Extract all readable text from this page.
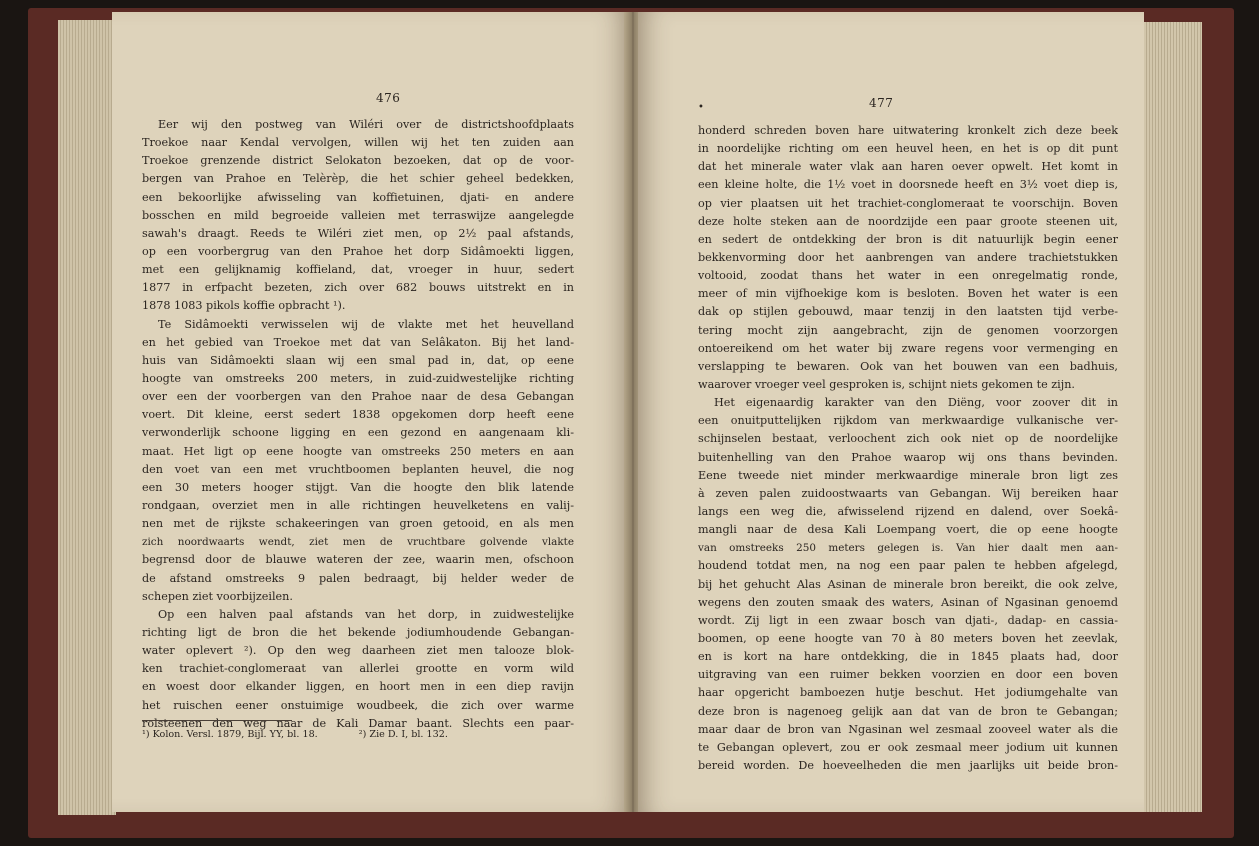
476
Eer wij den postweg van Wiléri over de districtshoofdplaats
Troekoe naar Kendal vervolgen, willen wij het ten zuiden aan
Troekoe grenzende district Selokaton bezoeken, dat op de voor-
bergen van Prahoe en Telèrèp, die het schier geheel bedekken,
een bekoorlijke afwisseling van koffietuinen, djati- en andere
bosschen en mild begroeide valleien met terraswijze aangelegde
sawah's draagt. Reeds te Wiléri ziet men, op 2½ paal afstands,
op een voorbergrug van den Prahoe het dorp Sidâmoekti liggen,
met een gelijknamig koffieland, dat, vroeger in huur, sedert
1877 in erfpacht bezeten, zich over 682 bouws uitstrekt en in
1878 1083 pikols koffie opbracht ¹).
Te Sidâmoekti verwisselen wij de vlakte met het heuvelland
en het gebied van Troekoe met dat van Selâkaton. Bij het land-
huis van Sidâmoekti slaan wij een smal pad in, dat, op eene
hoogte van omstreeks 200 meters, in zuid-zuidwestelijke richting
over een der voorbergen van den Prahoe naar de desa Gebangan
voert. Dit kleine, eerst sedert 1838 opgekomen dorp heeft eene
verwonderlijk schoone ligging en een gezond en aangenaam kli-
maat. Het ligt op eene hoogte van omstreeks 250 meters en aan
den voet van een met vruchtboomen beplanten heuvel, die nog
een 30 meters hooger stijgt. Van die hoogte den blik latende
rondgaan, overziet men in alle richtingen heuvelketens en valij-
nen met de rijkste schakeeringen van groen getooid, en als men
zich noordwaarts wendt, ziet men de vruchtbare golvende vlakte
begrensd door de blauwe wateren der zee, waarin men, ofschoon
de afstand omstreeks 9 palen bedraagt, bij helder weder de
schepen ziet voorbijzeilen.
Op een halven paal afstands van het dorp, in zuidwestelijke
richting ligt de bron die het bekende jodiumhoudende Gebangan-
water oplevert ²). Op den weg daarheen ziet men talooze blok-
ken trachiet-conglomeraat van allerlei grootte en vorm wild
en woest door elkander liggen, en hoort men in een diep ravijn
het ruischen eener onstuimige woudbeek, die zich over warme
rolsteenen den weg naar de Kali Damar baant. Slechts een paar-
¹) Kolon. Versl. 1879, Bijl. YY, bl. 18.	²) Zie D. I, bl. 132.
•	477
honderd schreden boven hare uitwatering kronkelt zich deze beek
in noordelijke richting om een heuvel heen, en het is op dit punt
dat het minerale water vlak aan haren oever opwelt. Het komt in
een kleine holte, die 1½ voet in doorsnede heeft en 3½ voet diep is,
op vier plaatsen uit het trachiet-conglomeraat te voorschijn. Boven
deze holte steken aan de noordzijde een paar groote steenen uit,
en sedert de ontdekking der bron is dit natuurlijk begin eener
bekkenvorming door het aanbrengen van andere trachietstukken
voltooid, zoodat thans het water in een onregelmatig ronde,
meer of min vijfhoekige kom is besloten. Boven het water is een
dak op stijlen gebouwd, maar tenzij in den laatsten tijd verbe-
tering mocht zijn aangebracht, zijn de genomen voorzorgen
ontoereikend om het water bij zware regens voor vermenging en
verslapping te bewaren. Ook van het bouwen van een badhuis,
waarover vroeger veel gesproken is, schijnt niets gekomen te zijn.
Het eigenaardig karakter van den Diëng, voor zoover dit in
een onuitputtelijken rijkdom van merkwaardige vulkanische ver-
schijnselen bestaat, verloochent zich ook niet op de noordelijke
buitenhelling van den Prahoe waarop wij ons thans bevinden.
Eene tweede niet minder merkwaardige minerale bron ligt zes
à zeven palen zuidoostwaarts van Gebangan. Wij bereiken haar
langs een weg die, afwisselend rijzend en dalend, over Soekâ-
mangli naar de desa Kali Loempang voert, die op eene hoogte
van omstreeks 250 meters gelegen is. Van hier daalt men aan-
houdend totdat men, na nog een paar palen te hebben afgelegd,
bij het gehucht Alas Asinan de minerale bron bereikt, die ook zelve,
wegens den zouten smaak des waters, Asinan of Ngasinan genoemd
wordt. Zij ligt in een zwaar bosch van djati-, dadap- en cassia-
boomen, op eene hoogte van 70 à 80 meters boven het zeevlak,
en is kort na hare ontdekking, die in 1845 plaats had, door
uitgraving van een ruimer bekken voorzien en door een boven
haar opgericht bamboezen hutje beschut. Het jodiumgehalte van
deze bron is nagenoeg gelijk aan dat van de bron te Gebangan;
maar daar de bron van Ngasinan wel zesmaal zooveel water als die
te Gebangan oplevert, zou er ook zesmaal meer jodium uit kunnen
bereid worden. De hoeveelheden die men jaarlijks uit beide bron-
